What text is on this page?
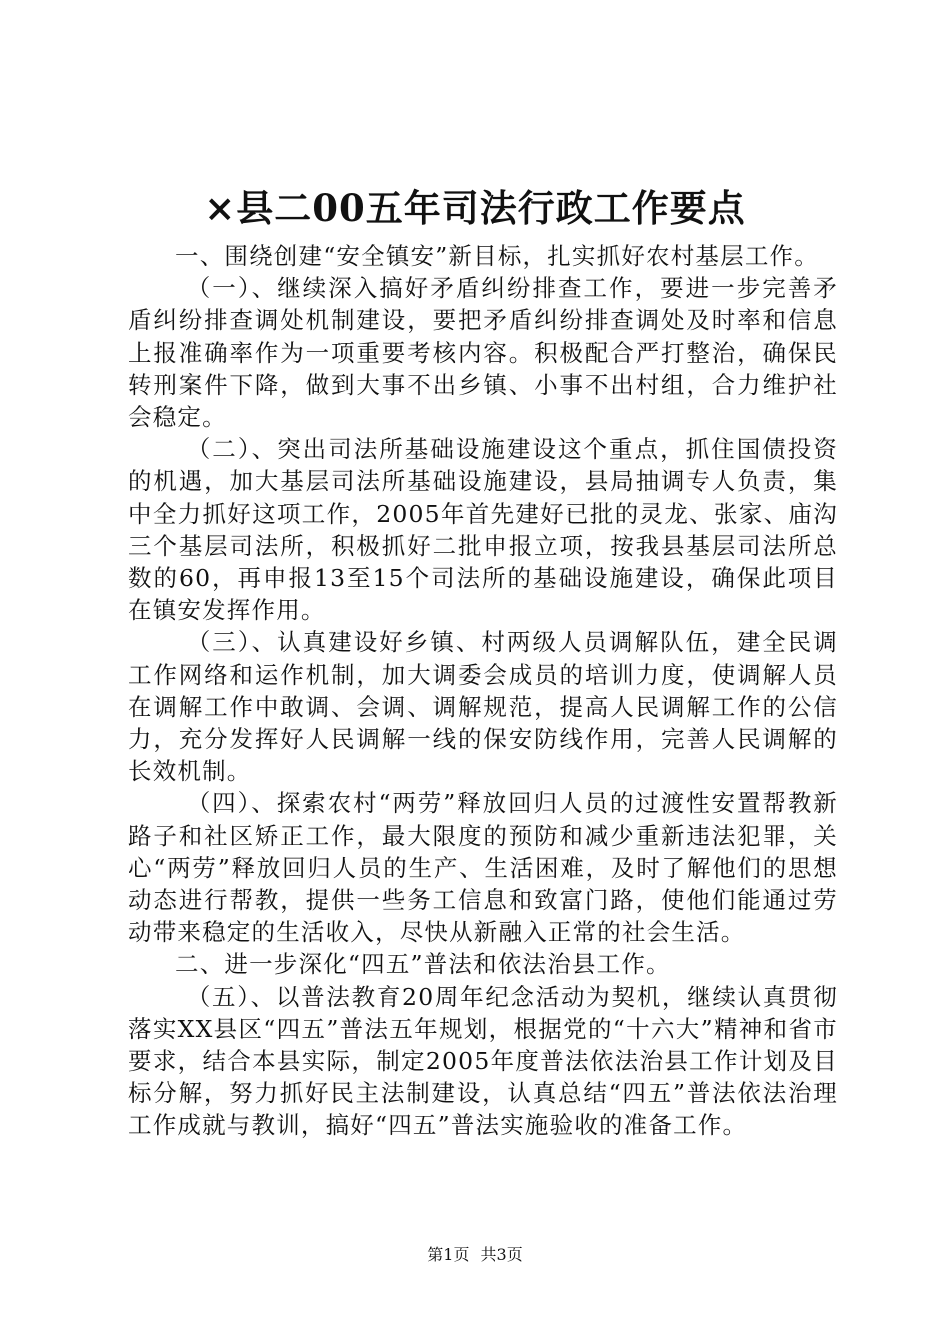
×县二00五年司法行政工作要点

一、围绕创建“安全镇安”新目标，扎实抓好农村基层工作。

（一）、继续深入搞好矛盾纠纷排查工作，要进一步完善矛盾纠纷排查调处机制建设，要把矛盾纠纷排查调处及时率和信息上报准确率作为一项重要考核内容。积极配合严打整治，确保民转刑案件下降，做到大事不出乡镇、小事不出村组，合力维护社会稳定。

（二）、突出司法所基础设施建设这个重点，抓住国债投资的机遇，加大基层司法所基础设施建设，县局抽调专人负责，集中全力抓好这项工作，2005年首先建好已批的灵龙、张家、庙沟三个基层司法所，积极抓好二批申报立项，按我县基层司法所总数的60，再申报13至15个司法所的基础设施建设，确保此项目在镇安发挥作用。

（三）、认真建设好乡镇、村两级人员调解队伍，建全民调工作网络和运作机制，加大调委会成员的培训力度，使调解人员在调解工作中敢调、会调、调解规范，提高人民调解工作的公信力，充分发挥好人民调解一线的保安防线作用，完善人民调解的长效机制。

（四）、探索农村“两劳”释放回归人员的过渡性安置帮教新路子和社区矫正工作，最大限度的预防和减少重新违法犯罪，关心“两劳”释放回归人员的生产、生活困难，及时了解他们的思想动态进行帮教，提供一些务工信息和致富门路，使他们能通过劳动带来稳定的生活收入，尽快从新融入正常的社会生活。

二、进一步深化“四五”普法和依法治县工作。

（五）、以普法教育20周年纪念活动为契机，继续认真贯彻落实XX县区“四五”普法五年规划，根据党的“十六大”精神和省市要求，结合本县实际，制定2005年度普法依法治县工作计划及目标分解，努力抓好民主法制建设，认真总结“四五”普法依法治理工作成就与教训，搞好“四五”普法实施验收的准备工作。

第1页 共3页
